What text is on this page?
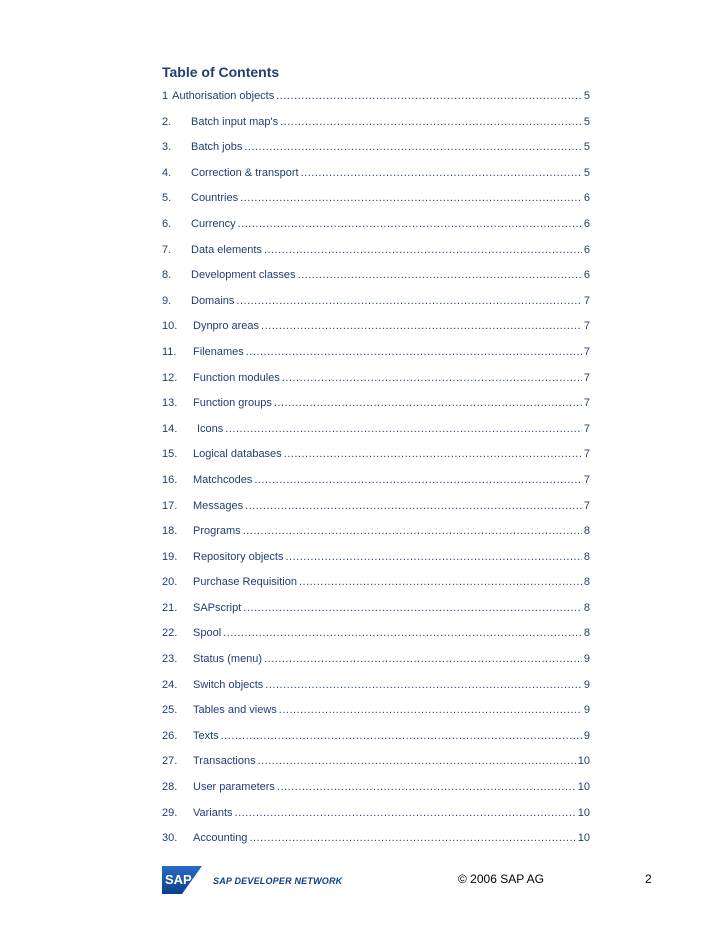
Table of Contents
1 Authorisation objects .....	5
2.	Batch input map's .....	5
3.	Batch jobs .....	5
4.	Correction & transport .....	5
5.	Countries .....	6
6.	Currency .....	6
7.	Data elements .....	6
8.	Development classes .....	6
9.	Domains .....	7
10.	Dynpro areas .....	7
11.	Filenames .....	7
12.	Function modules .....	7
13.	Function groups .....	7
14.	Icons .....	7
15.	Logical databases .....	7
16.	Matchcodes .....	7
17.	Messages .....	7
18.	Programs .....	8
19.	Repository objects .....	8
20.	Purchase Requisition .....	8
21.	SAPscript .....	8
22.	Spool .....	8
23.	Status (menu) .....	9
24.	Switch objects .....	9
25.	Tables and views .....	9
26.	Texts .....	9
27.	Transactions .....	10
28.	User parameters .....	10
29.	Variants .....	10
30.	Accounting .....	10
SAP SAP DEVELOPER NETWORK	© 2006 SAP AG	2
